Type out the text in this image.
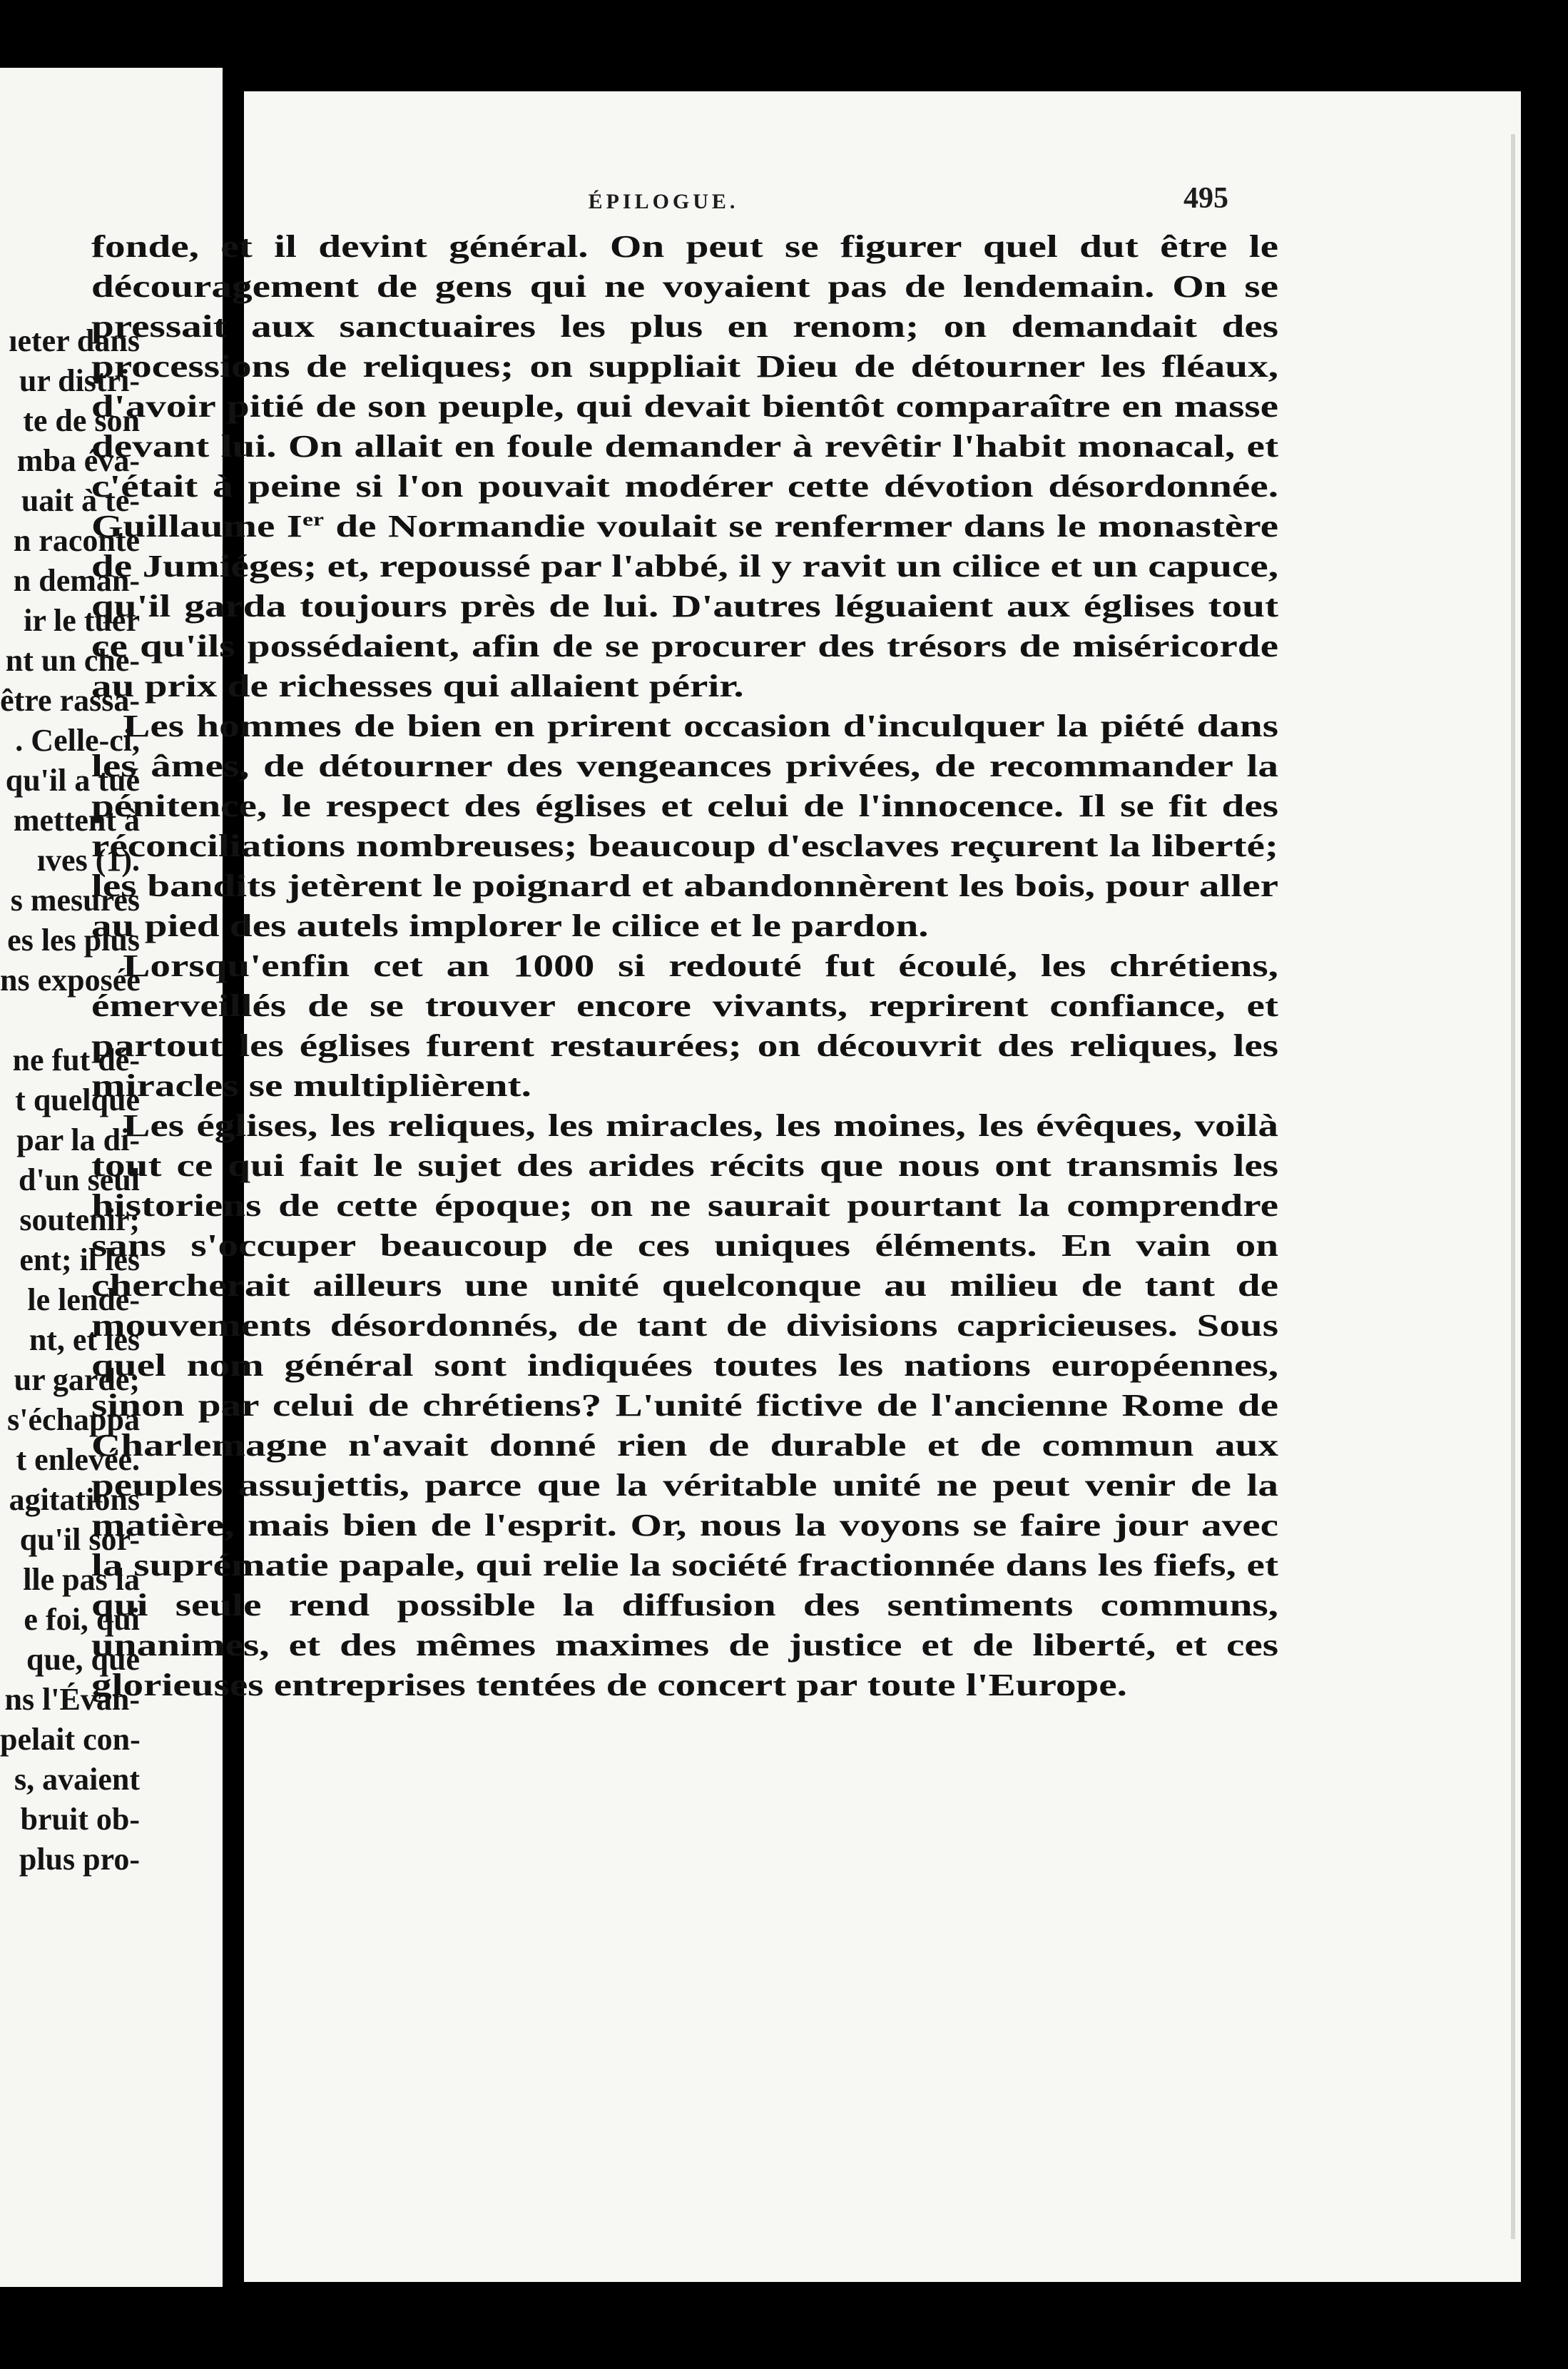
ıeter dans
ur distri-
te de son
mba éva-
uait à te-
n raconte
n deman-
ir le tuer
nt un che-
être rassa-
. Celle-ci,
qu'il a tué
mettent à
ıves (1).
s mesures
es les plus
ns exposée
ne fut dé-
t quelque
par la di-
d'un seul
soutenir;
ent; il les
le lende-
nt, et les
ur garde;
s'échappa
t enlevée.
agitations
qu'il sor-
lle pas la
e foi, qui
que, que
ns l'Évan-
pelait con-
s, avaient
bruit ob-
plus pro-
ÉPILOGUE.	495

fonde, et il devint général. On peut se figurer quel dut être le découragement de gens qui ne voyaient pas de lendemain. On se pressait aux sanctuaires les plus en renom; on demandait des processions de reliques; on suppliait Dieu de détourner les fléaux, d'avoir pitié de son peuple, qui devait bientôt comparaître en masse devant lui. On allait en foule demander à revêtir l'habit monacal, et c'était à peine si l'on pouvait modérer cette dévotion désordonnée. Guillaume Ier de Normandie voulait se renfermer dans le monastère de Jumiéges; et, repoussé par l'abbé, il y ravit un cilice et un capuce, qu'il garda toujours près de lui. D'autres léguaient aux églises tout ce qu'ils possédaient, afin de se procurer des trésors de miséricorde au prix de richesses qui allaient périr.

Les hommes de bien en prirent occasion d'inculquer la piété dans les âmes, de détourner des vengeances privées, de recommander la pénitence, le respect des églises et celui de l'innocence. Il se fit des réconciliations nombreuses; beaucoup d'esclaves reçurent la liberté; les bandits jetèrent le poignard et abandonnèrent les bois, pour aller au pied des autels implorer le cilice et le pardon.

Lorsqu'enfin cet an 1000 si redouté fut écoulé, les chrétiens, émerveillés de se trouver encore vivants, reprirent confiance, et partout les églises furent restaurées; on découvrit des reliques, les miracles se multiplièrent.

Les églises, les reliques, les miracles, les moines, les évêques, voilà tout ce qui fait le sujet des arides récits que nous ont transmis les historiens de cette époque; on ne saurait pourtant la comprendre sans s'occuper beaucoup de ces uniques éléments. En vain on chercherait ailleurs une unité quelconque au milieu de tant de mouvements désordonnés, de tant de divisions capricieuses. Sous quel nom général sont indiquées toutes les nations européennes, sinon par celui de chrétiens? L'unité fictive de l'ancienne Rome de Charlemagne n'avait donné rien de durable et de commun aux peuples assujettis, parce que la véritable unité ne peut venir de la matière, mais bien de l'esprit. Or, nous la voyons se faire jour avec la suprématie papale, qui relie la société fractionnée dans les fiefs, et qui seule rend possible la diffusion des sentiments communs, unanimes, et des mêmes maximes de justice et de liberté, et ces glorieuses entreprises tentées de concert par toute l'Europe.
